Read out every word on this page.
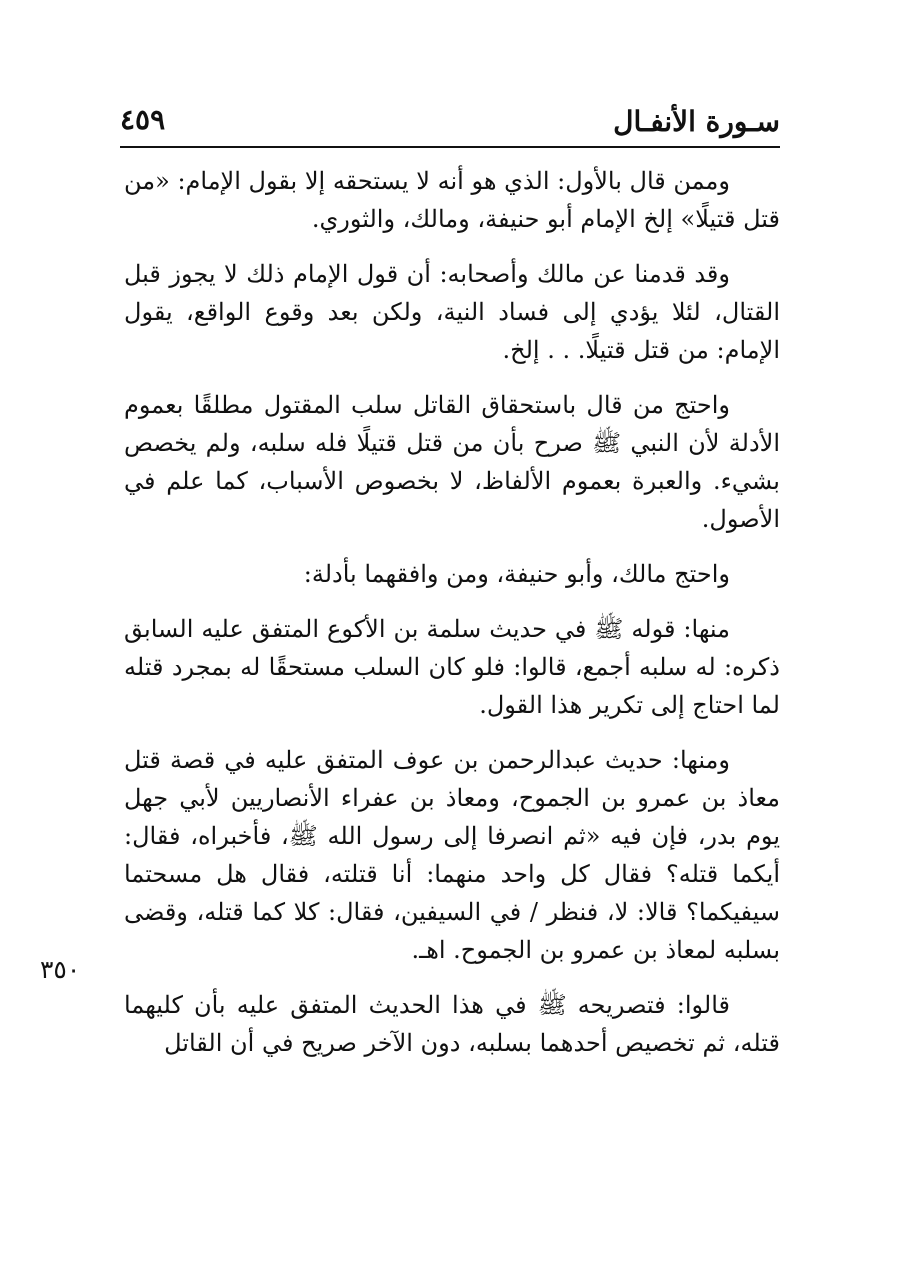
سـورة الأنفـال
٤٥٩

وممن قال بالأول: الذي هو أنه لا يستحقه إلا بقول الإمام: «من قتل قتيلًا» إلخ الإمام أبو حنيفة، ومالك، والثوري.

وقد قدمنا عن مالك وأصحابه: أن قول الإمام ذلك لا يجوز قبل القتال، لئلا يؤدي إلى فساد النية، ولكن بعد وقوع الواقع، يقول الإمام: من قتل قتيلًا. . . إلخ.

واحتج من قال باستحقاق القاتل سلب المقتول مطلقًا بعموم الأدلة لأن النبي ﷺ صرح بأن من قتل قتيلًا فله سلبه، ولم يخصص بشيء. والعبرة بعموم الألفاظ، لا بخصوص الأسباب، كما علم في الأصول.

واحتج مالك، وأبو حنيفة، ومن وافقهما بأدلة:

منها: قوله ﷺ في حديث سلمة بن الأكوع المتفق عليه السابق ذكره: له سلبه أجمع، قالوا: فلو كان السلب مستحقًا له بمجرد قتله لما احتاج إلى تكرير هذا القول.

ومنها: حديث عبدالرحمن بن عوف المتفق عليه في قصة قتل معاذ بن عمرو بن الجموح، ومعاذ بن عفراء الأنصاريين لأبي جهل يوم بدر، فإن فيه «ثم انصرفا إلى رسول الله ﷺ، فأخبراه، فقال: أيكما قتله؟ فقال كل واحد منهما: أنا قتلته، فقال هل مسحتما سيفيكما؟ قالا: لا، فنظر / في السيفين، فقال: كلا كما قتله، وقضى بسلبه لمعاذ بن عمرو بن الجموح. اهـ.

قالوا: فتصريحه ﷺ في هذا الحديث المتفق عليه بأن كليهما قتله، ثم تخصيص أحدهما بسلبه، دون الآخر صريح في أن القاتل

٣٥٠
